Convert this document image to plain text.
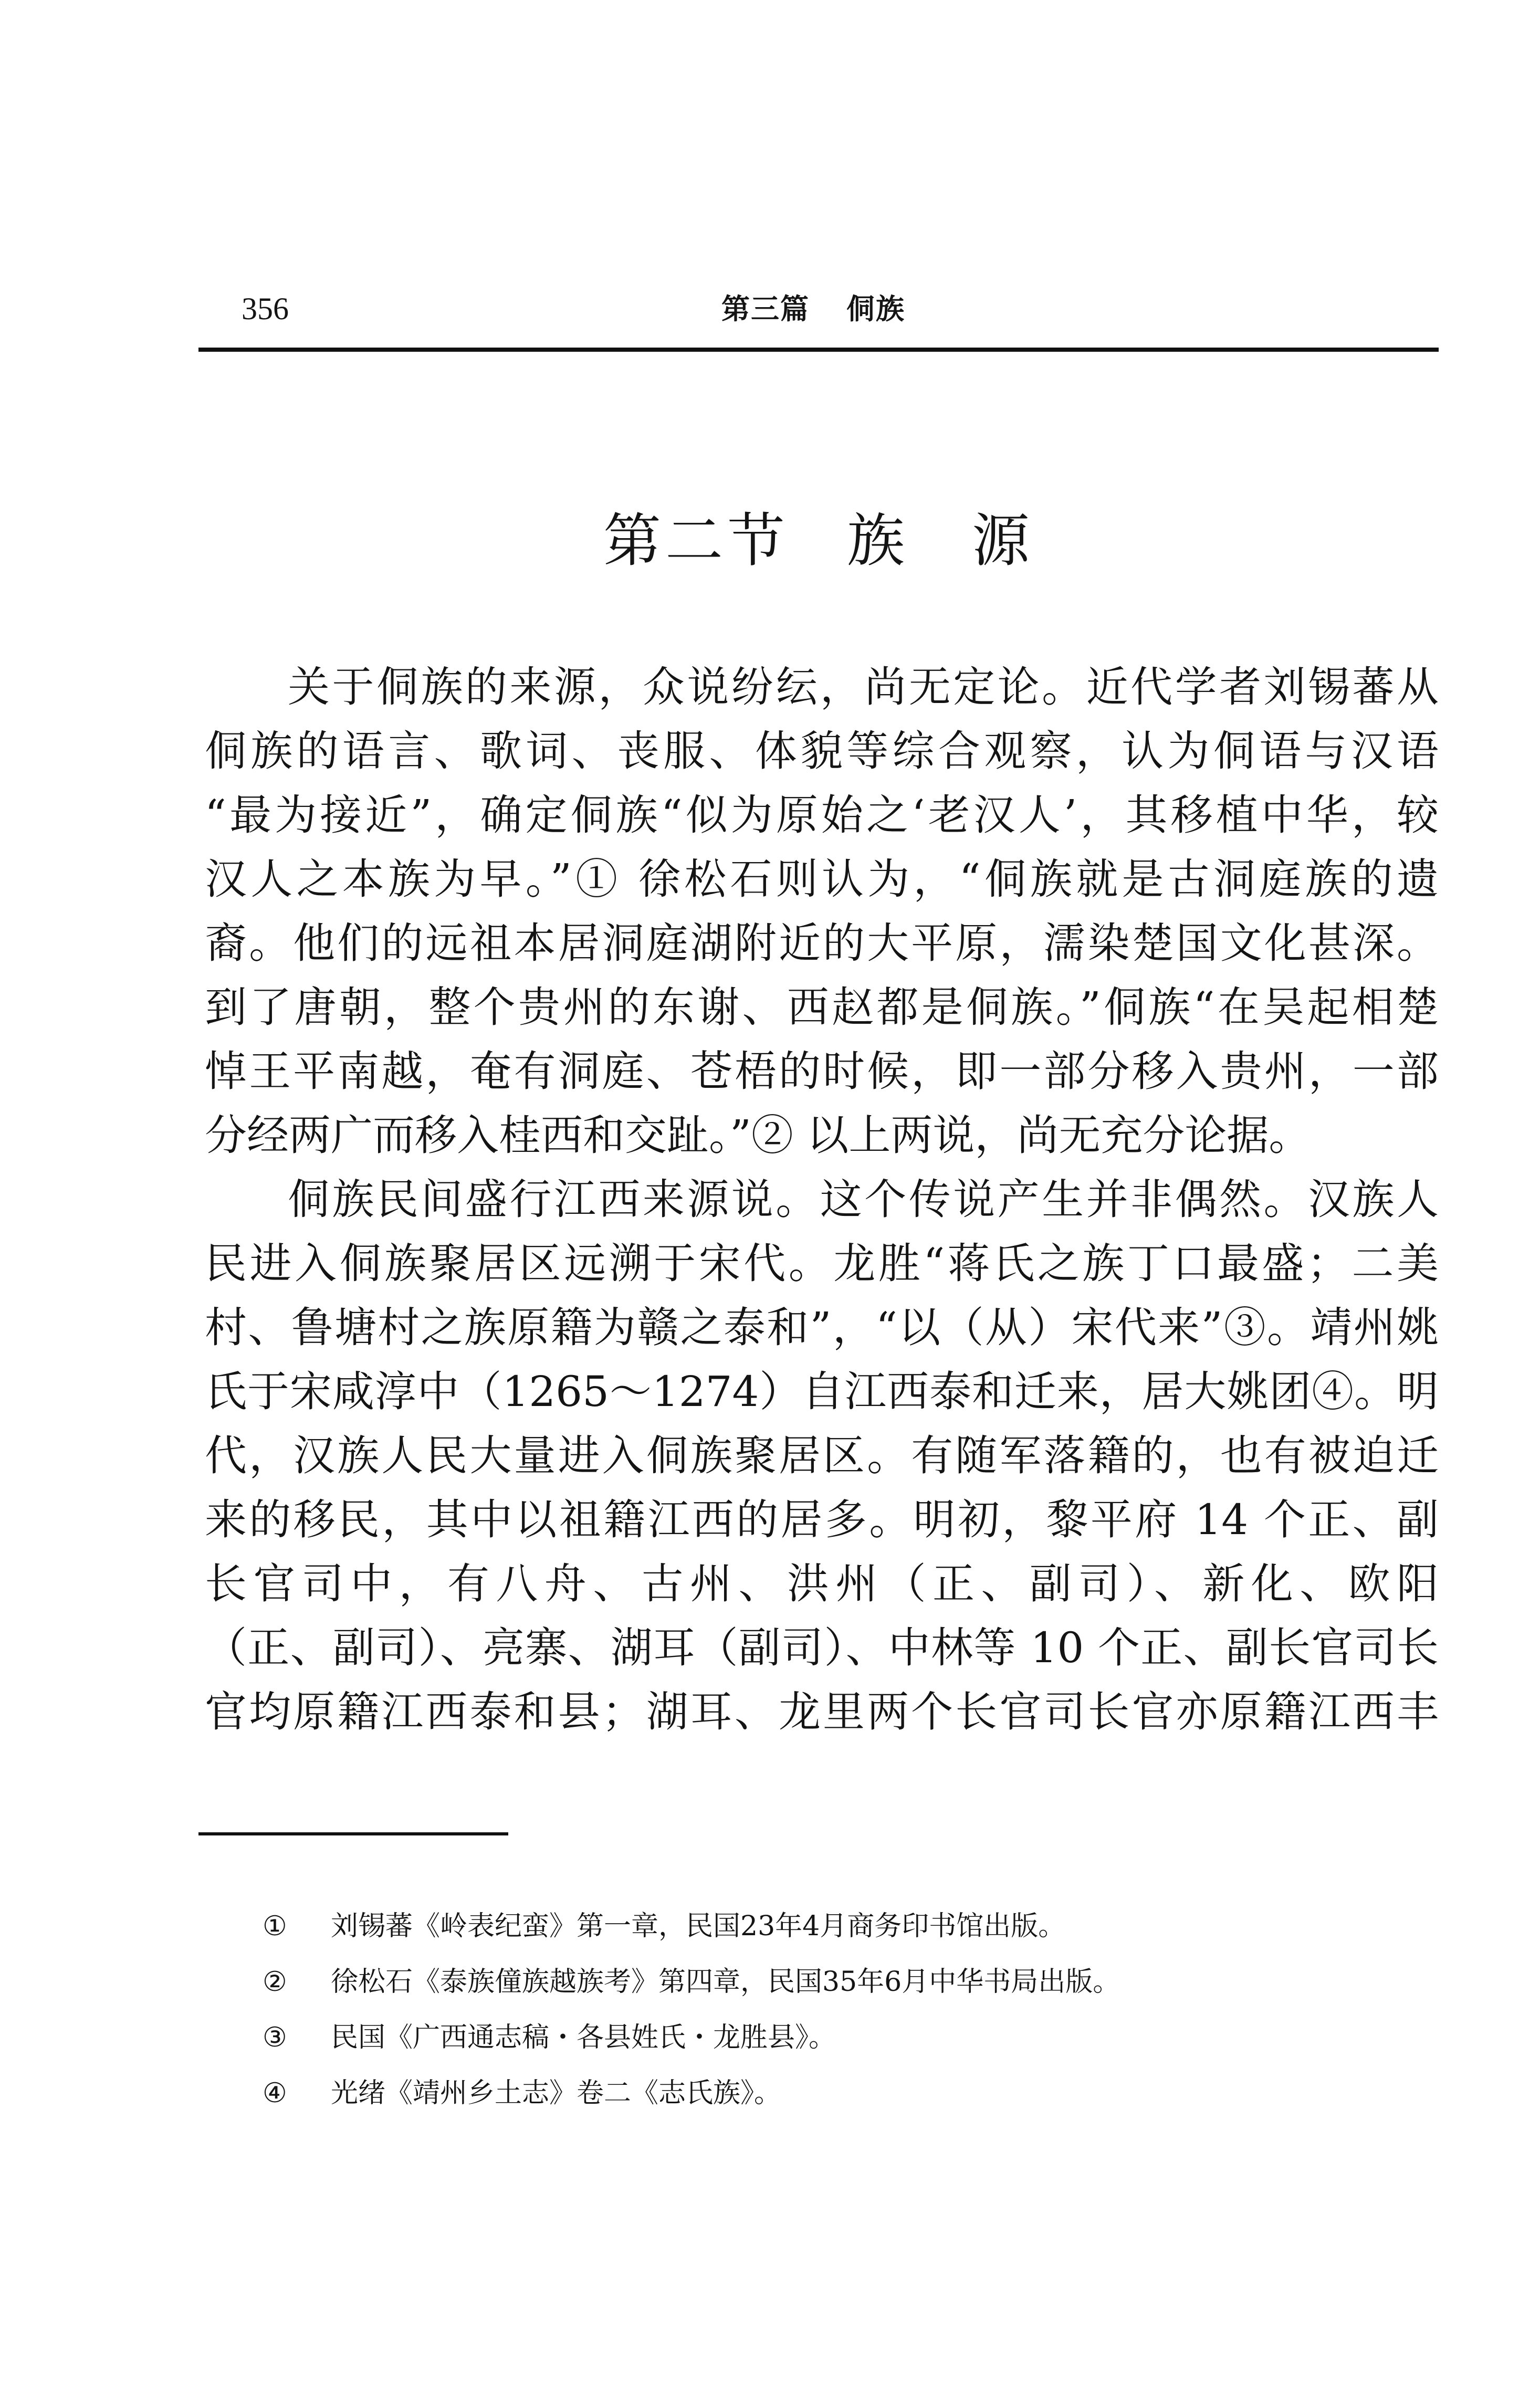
356	第三篇 侗族
第二节 族 源
关于侗族的来源，众说纷纭，尚无定论。近代学者刘锡蕃从
侗族的语言、歌词、丧服、体貌等综合观察，认为侗语与汉语
“最为接近”，确定侗族“似为原始之‘老汉人’，其移植中华，较
汉人之本族为早。”① 徐松石则认为，“侗族就是古洞庭族的遗
裔。他们的远祖本居洞庭湖附近的大平原，濡染楚国文化甚深。
到了唐朝，整个贵州的东谢、西赵都是侗族。”侗族“在吴起相楚
悼王平南越，奄有洞庭、苍梧的时候，即一部分移入贵州，一部
分经两广而移入桂西和交趾。”② 以上两说，尚无充分论据。
侗族民间盛行江西来源说。这个传说产生并非偶然。汉族人
民进入侗族聚居区远溯于宋代。龙胜“蒋氏之族丁口最盛；二美
村、鲁塘村之族原籍为赣之泰和”，“以（从）宋代来”③。靖州姚
氏于宋咸淳中（1265～1274）自江西泰和迁来，居大姚团④。明
代，汉族人民大量进入侗族聚居区。有随军落籍的，也有被迫迁
来的移民，其中以祖籍江西的居多。明初，黎平府 14 个正、副
长官司中，有八舟、古州、洪州（正、副司）、新化、欧阳
（正、副司）、亮寨、湖耳（副司）、中林等 10 个正、副长官司长
官均原籍江西泰和县；湖耳、龙里两个长官司长官亦原籍江西丰
① 刘锡蕃《岭表纪蛮》第一章，民国23年4月商务印书馆出版。
② 徐松石《泰族僮族越族考》第四章，民国35年6月中华书局出版。
③ 民国《广西通志稿・各县姓氏・龙胜县》。
④ 光绪《靖州乡土志》卷二《志氏族》。
